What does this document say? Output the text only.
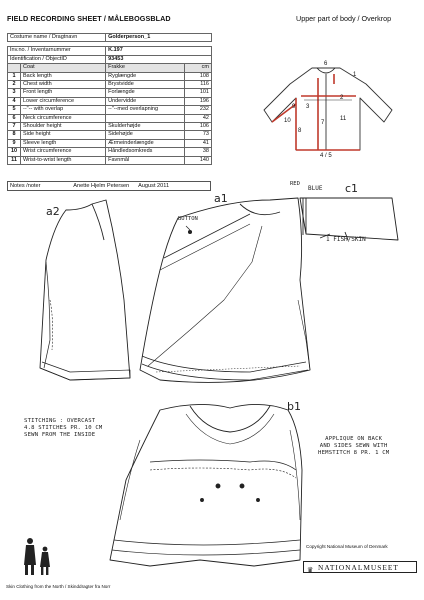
FIELD RECORDING SHEET / MÅLEBOGSBLAD	Upper part of body / Overkrop
Costume name / Dragtnavn		Golderperson_1	

Inv.no. / Inventarnummer		K.197	
Identification / ObjectID		93453	
	Coat	Frakke	cm
1	Back length	Ryglængde	108
2	Chest width	Brystvidde	116
3	Front length	Forlængde	101
4	Lower circumference	Undervidde	196
5	--"-- with overlap	--"--med overlapning	232
6	Neck circumference		42
7	Shoulder height	Skulderhøjde	106
8	Side height	Sidehøjde	73
9	Sleeve length	Ærmeinderlængde	41
10	Wrist circumference	Håndledsomkreds	38
11	Wrist-to-wrist length	Favnmål	140
Notes /noter	Anette Hjelm Petersen August 2011
6
1
2
3
7
8
9
10	11
4 / 5
a2
a1
c1
b1
RED
BLUE
BUTTON
1 FISH/SKIN
STITCHING : OVERCAST
4.8 STITCHES PR. 10 CM
SEWN FROM THE INSIDE
APPLIQUE ON BACK
AND SIDES SEWN WITH
HEMSTITCH 8 PR. 1 CM
Skin Clothing from the North / Skinddragter fra Norr
Copyright National Museum of Denmark
♛ NATIONALMUSEET
